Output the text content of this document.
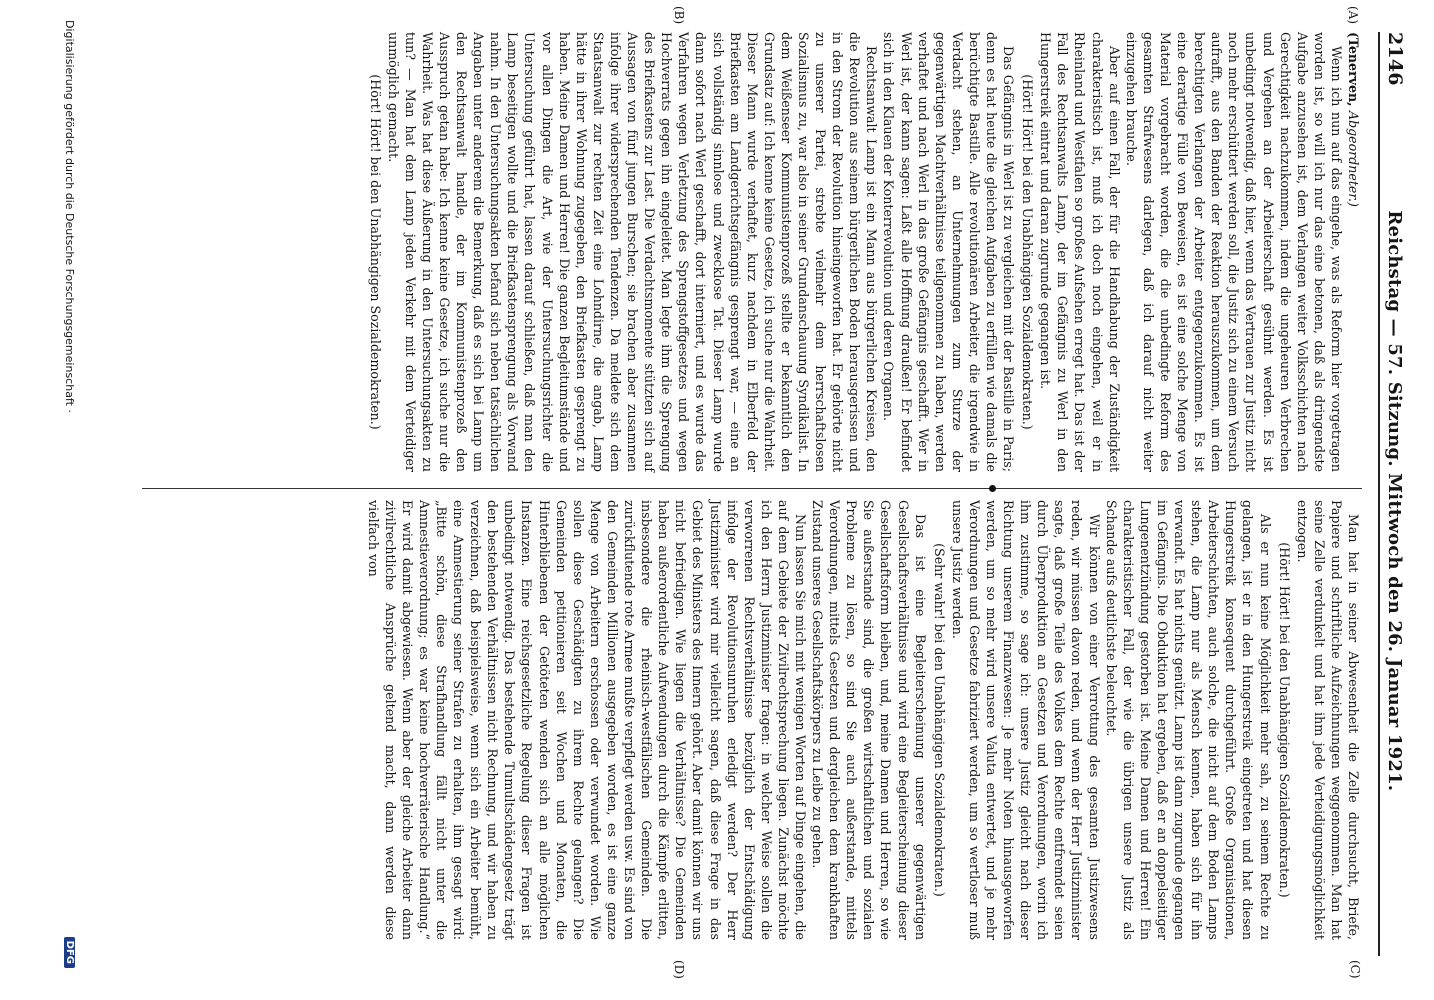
2146
Reichstag — 57. Sitzung. Mittwoch den 26. Januar 1921.
(A)
(B)
(C)
(D)

(Tenerven, Abgeordneter.)

Wenn ich nun auf das eingehe, was als Reform hier vorgetragen worden ist, so will ich nur das eine betonen, daß als dringendste Aufgabe anzusehen ist, dem Verlangen weiter Volksschichten nach Gerechtigkeit nachzukommen, indem die ungeheuren Verbrechen und Vergehen an der Arbeiterschaft gesühnt werden. Es ist unbedingt notwendig, daß hier, wenn das Vertrauen zur Justiz nicht noch mehr erschüttert werden soll, die Justiz sich zu einem Versuch aufrafft, aus den Banden der Reaktion herauszukommen, um dem berechtigten Verlangen der Arbeiter entgegenzukommen. Es ist eine derartige Fülle von Beweisen, es ist eine solche Menge von Material vorgebracht worden, die die unbedingte Reform des gesamten Strafwesens darlegen, daß ich darauf nicht weiter einzugehen brauche.

Aber auf einen Fall, der für die Handhabung der Zuständigkeit charakteristisch ist, muß ich doch noch eingehen, weil er in Rheinland und Westfalen so großes Aufsehen erregt hat. Das ist der Fall des Rechtsanwalts Lamp, der im Gefängnis zu Werl in den Hungerstreik eintrat und daran zugrunde gegangen ist.

(Hört! Hört! bei den Unabhängigen Sozialdemokraten.)

Das Gefängnis in Werl ist zu vergleichen mit der Bastille in Paris; denn es hat heute die gleichen Aufgaben zu erfüllen wie damals die berüchtigte Bastille. Alle revolutionären Arbeiter, die irgendwie in Verdacht stehen, an Unternehmungen zum Sturze der gegenwärtigen Machtverhältnisse teilgenommen zu haben, werden verhaftet und nach Werl in das große Gefängnis geschafft. Wer in Werl ist, der kann sagen: Laßt alle Hoffnung draußen! Er befindet sich in den Klauen der Konterrevolution und deren Organen.

Rechtsanwalt Lamp ist ein Mann aus bürgerlichen Kreisen, den die Revolution aus seinem bürgerlichen Boden herausgerissen und in den Strom der Revolution hineingeworfen hat. Er gehörte nicht zu unserer Partei, strebte vielmehr dem herrschaftslosen Sozialismus zu, war also in seiner Grundanschauung Syndikalist. In dem Weißenseer Kommunistenprozeß stellte er bekanntlich den Grundsatz auf: Ich kenne keine Gesetze, ich suche nur die Wahrheit. Dieser Mann wurde verhaftet, kurz nachdem in Elberfeld der Briefkasten am Landgerichtsgefängnis gesprengt war, — eine an sich vollständig sinnlose und zwecklose Tat. Dieser Lamp wurde dann sofort nach Werl geschafft, dort interniert, und es wurde das Verfahren wegen Verletzung des Sprengstoffgesetzes und wegen Hochverrats gegen ihn eingeleitet. Man legte ihm die Sprengung des Briefkastens zur Last. Die Verdachtsmomente stützten sich auf Aussagen von fünf jungen Burschen; sie brachen aber zusammen infolge ihrer widersprechenden Tendenzen. Da meldete sich dem Staatsanwalt zur rechten Zeit eine Lohndirne, die angab, Lamp hätte in ihrer Wohnung zugegeben, den Briefkasten gesprengt zu haben. Meine Damen und Herren! Die ganzen Begleitumstände und vor allen Dingen die Art, wie der Untersuchungsrichter die Untersuchung geführt hat, lassen darauf schließen, daß man den Lamp beseitigen wollte und die Briefkastensprengung als Vorwand nahm. In den Untersuchungsakten befand sich neben tatsächlichen Angaben unter anderem die Bemerkung, daß es sich bei Lamp um den Rechtsanwalt handle, der im Kommunistenprozeß den Ausspruch getan habe: Ich kenne keine Gesetze, ich suche nur die Wahrheit. Was hat diese Äußerung in den Untersuchungsakten zu tun? — Man hat dem Lamp jeden Verkehr mit dem Verteidiger unmöglich gemacht.

(Hört! Hört! bei den Unabhängigen Sozialdemokraten.)

Man hat in seiner Abwesenheit die Zelle durchsucht, Briefe, Papiere und schriftliche Aufzeichnungen weggenommen. Man hat seine Zelle verdunkelt und hat ihm jede Verteidigungsmöglichkeit entzogen.

(Hört! Hört! bei den Unabhängigen Sozialdemokraten.)

Als er nun keine Möglichkeit mehr sah, zu seinem Rechte zu gelangen, ist er in den Hungerstreik eingetreten und hat diesen Hungerstreik konsequent durchgeführt. Große Organisationen, Arbeiterschichten, auch solche, die nicht auf dem Boden Lamps stehen, die Lamp nur als Mensch kennen, haben sich für ihn verwandt. Es hat nichts genützt. Lamp ist dann zugrunde gegangen im Gefängnis. Die Obduktion hat ergeben, daß er an doppelseitiger Lungenentzündung gestorben ist. Meine Damen und Herren! Ein charakteristischer Fall, der wie die übrigen unsere Justiz als Schande aufs deutlichste beleuchtet.

Wir können von einer Verrottung des gesamten Justizwesens reden, wir müssen davon reden, und wenn der Herr Justizminister sagte, daß große Teile des Volkes dem Rechte entfremdet seien durch Überproduktion an Gesetzen und Verordnungen, worin ich ihm zustimme, so sage ich: unsere Justiz gleicht nach dieser Richtung unserem Finanzwesen: Je mehr Noten hinausgeworfen werden, um so mehr wird unsere Valuta entwertet, und je mehr Verordnungen und Gesetze fabriziert werden, um so wertloser muß unsere Justiz werden.

(Sehr wahr! bei den Unabhängigen Sozialdemokraten.)

Das ist eine Begleiterscheinung unserer gegenwärtigen Gesellschaftsverhältnisse und wird eine Begleiterscheinung dieser Gesellschaftsform bleiben, und, meine Damen und Herren, so wie Sie außerstande sind, die großen wirtschaftlichen und sozialen Probleme zu lösen, so sind Sie auch außerstande, mittels Verordnungen, mittels Gesetzen und dergleichen dem krankhaften Zustand unseres Gesellschaftskörpers zu Leibe zu gehen.

Nun lassen Sie mich mit wenigen Worten auf Dinge eingehen, die auf dem Gebiete der Zivilrechtsprechung liegen. Zunächst möchte ich den Herrn Justizminister fragen: in welcher Weise sollen die verworrenen Rechtsverhältnisse bezüglich der Entschädigung infolge der Revolutionsunruhen erledigt werden? Der Herr Justizminister wird mir vielleicht sagen, daß diese Frage in das Gebiet des Ministers des Innern gehört. Aber damit können wir uns nicht befriedigen. Wie liegen die Verhältnisse? Die Gemeinden haben außerordentliche Aufwendungen durch die Kämpfe erlitten, insbesondere die rheinisch-westfälischen Gemeinden. Die zurückflutende rote Armee mußte verpflegt werden usw. Es sind von den Gemeinden Millionen ausgegeben worden, es ist eine ganze Menge von Arbeitern erschossen oder verwundet worden. Wie sollen diese Geschädigten zu ihrem Rechte gelangen? Die Gemeinden petitionieren seit Wochen und Monaten, die Hinterbliebenen der Getöteten wenden sich an alle möglichen Instanzen. Eine reichsgesetzliche Regelung dieser Fragen ist unbedingt notwendig. Das bestehende Tumultschädengesetz trägt den bestehenden Verhältnissen nicht Rechnung, und wir haben zu verzeichnen, daß beispielsweise, wenn sich ein Arbeiter bemüht, eine Amnestierung seiner Strafen zu erhalten, ihm gesagt wird: „Bitte schön, diese Strafhandlung fällt nicht unter die Amnestieverordnung; es war keine hochverräterische Handlung.“ Er wird damit abgewiesen. Wenn aber der gleiche Arbeiter dann zivilrechtliche Ansprüche geltend macht, dann werden diese vielfach von

Digitalisierung gefördert durch die Deutsche Forschungsgemeinschaft ·
DFG
